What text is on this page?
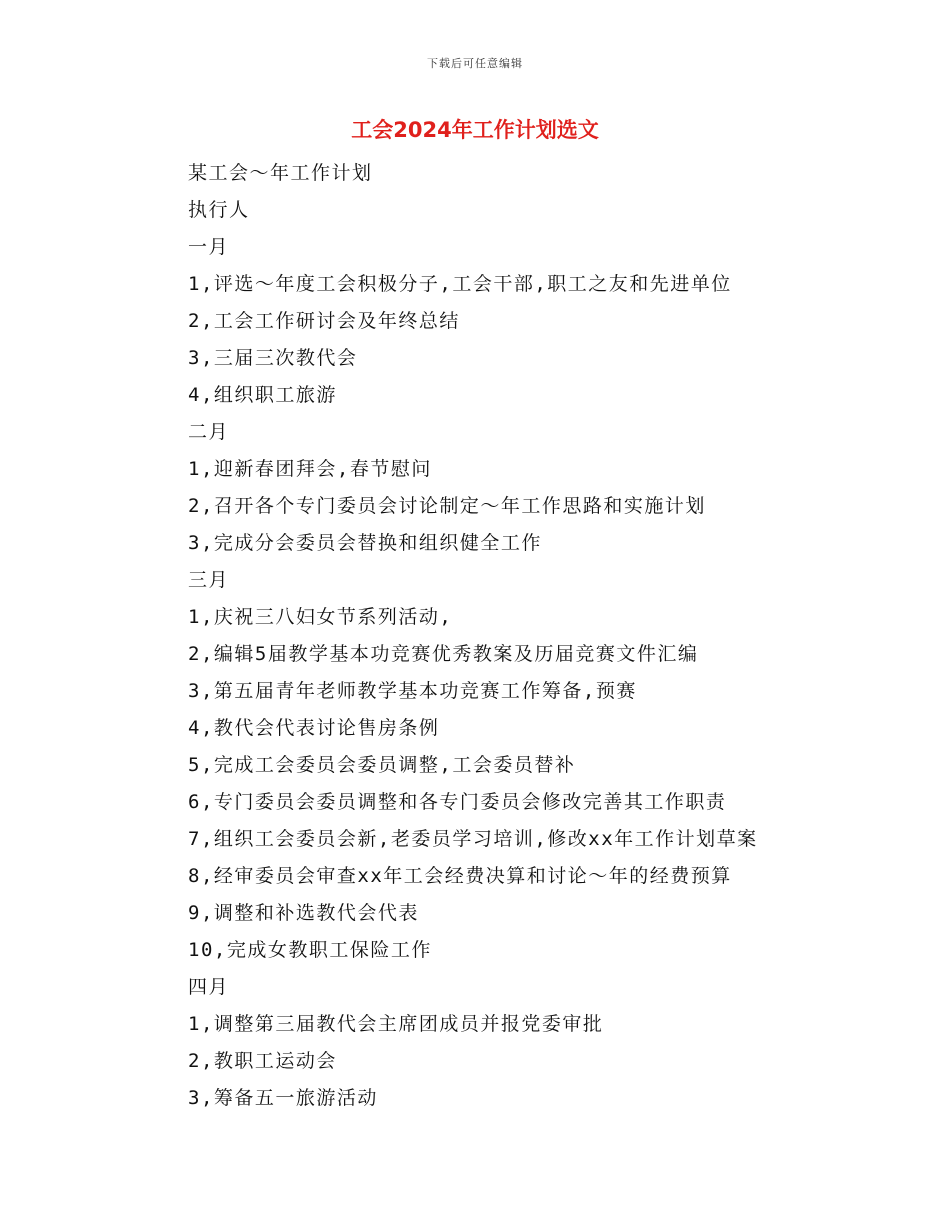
下载后可任意编辑
工会2024年工作计划选文
某工会～年工作计划
执行人
一月
1,评选～年度工会积极分子,工会干部,职工之友和先进单位
2,工会工作研讨会及年终总结
3,三届三次教代会
4,组织职工旅游
二月
1,迎新春团拜会,春节慰问
2,召开各个专门委员会讨论制定～年工作思路和实施计划
3,完成分会委员会替换和组织健全工作
三月
1,庆祝三八妇女节系列活动,
2,编辑5届教学基本功竞赛优秀教案及历届竞赛文件汇编
3,第五届青年老师教学基本功竞赛工作筹备,预赛
4,教代会代表讨论售房条例
5,完成工会委员会委员调整,工会委员替补
6,专门委员会委员调整和各专门委员会修改完善其工作职责
7,组织工会委员会新,老委员学习培训,修改xx年工作计划草案
8,经审委员会审查xx年工会经费决算和讨论～年的经费预算
9,调整和补选教代会代表
10,完成女教职工保险工作
四月
1,调整第三届教代会主席团成员并报党委审批
2,教职工运动会
3,筹备五一旅游活动
